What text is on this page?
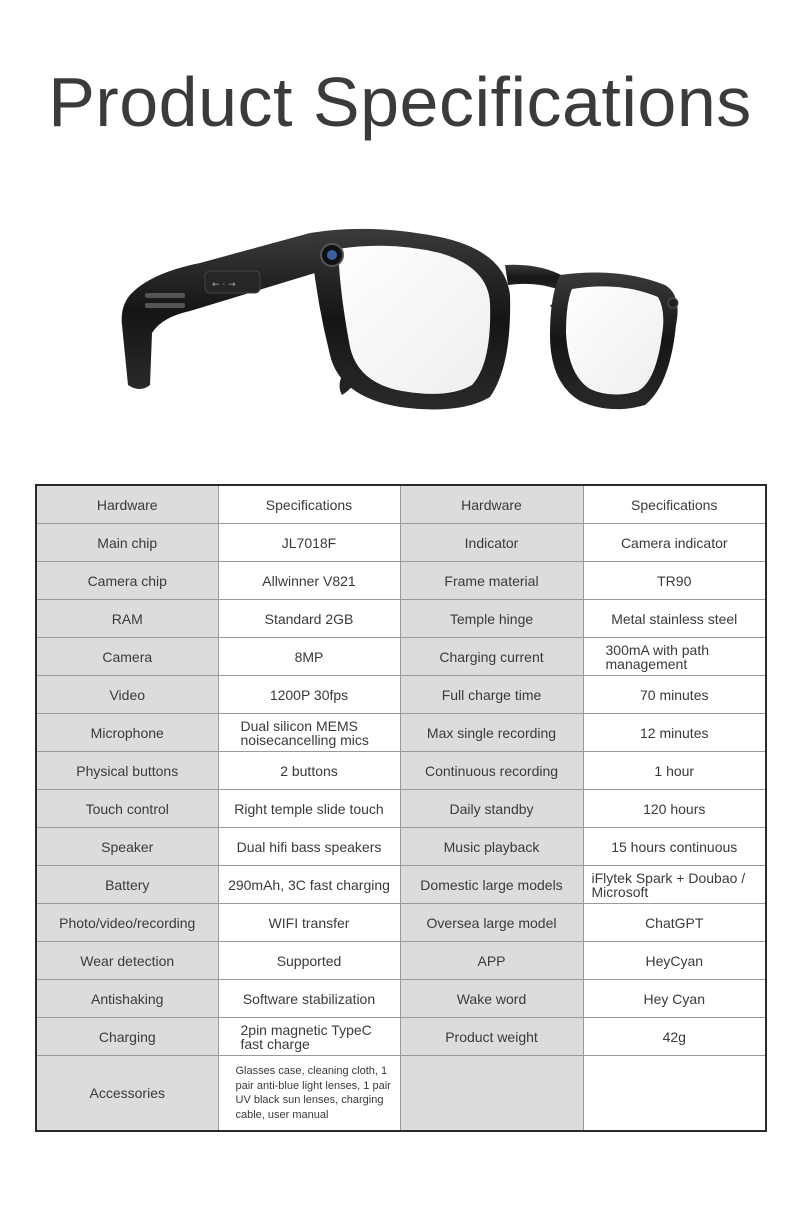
Product Specifications
← · →
Hardware	Specifications	Hardware	Specifications
Main chip	JL7018F	Indicator	Camera indicator
Camera chip	Allwinner V821	Frame material	TR90
RAM	Standard 2GB	Temple hinge	Metal stainless steel
Camera	8MP	Charging current	300mA with path management
Video	1200P 30fps	Full charge time	70 minutes
Microphone	Dual silicon MEMS noisecancelling mics	Max single recording	12 minutes
Physical buttons	2 buttons	Continuous recording	1 hour
Touch control	Right temple slide touch	Daily standby	120 hours
Speaker	Dual hifi bass speakers	Music playback	15 hours continuous
Battery	290mAh, 3C fast charging	Domestic large models	iFlytek Spark + Doubao / Microsoft
Photo/video/recording	WIFI transfer	Oversea large model	ChatGPT
Wear detection	Supported	APP	HeyCyan
Antishaking	Software stabilization	Wake word	Hey Cyan
Charging	2pin magnetic TypeC fast charge	Product weight	42g
Accessories	Glasses case, cleaning cloth, 1 pair anti-blue light lenses, 1 pair UV black sun lenses, charging cable, user manual		
